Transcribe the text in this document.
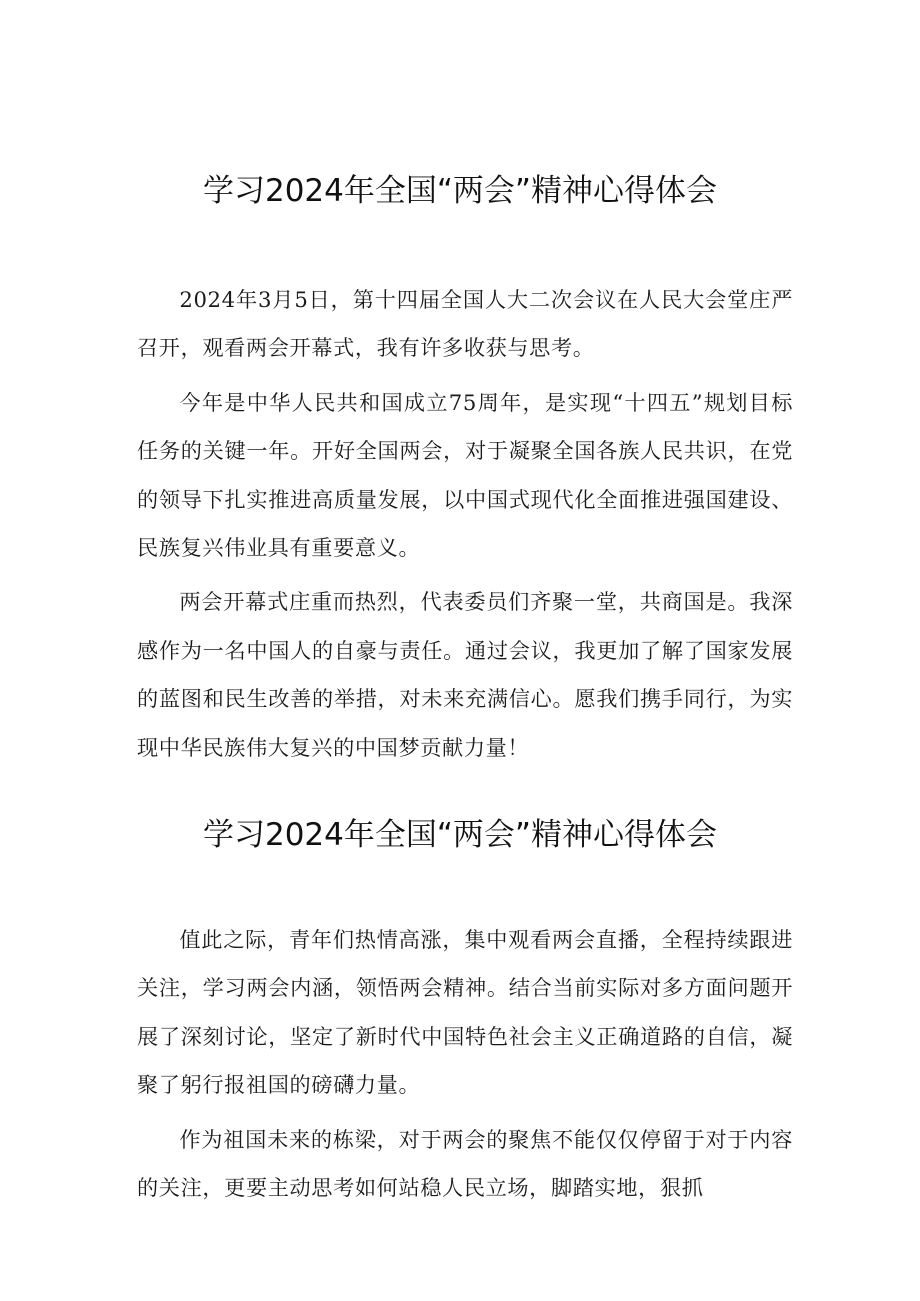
学习2024年全国“两会”精神心得体会

2024年3月5日，第十四届全国人大二次会议在人民大会堂庄严召开，观看两会开幕式，我有许多收获与思考。

今年是中华人民共和国成立75周年，是实现“十四五”规划目标任务的关键一年。开好全国两会，对于凝聚全国各族人民共识，在党的领导下扎实推进高质量发展，以中国式现代化全面推进强国建设、民族复兴伟业具有重要意义。

两会开幕式庄重而热烈，代表委员们齐聚一堂，共商国是。我深感作为一名中国人的自豪与责任。通过会议，我更加了解了国家发展的蓝图和民生改善的举措，对未来充满信心。愿我们携手同行，为实现中华民族伟大复兴的中国梦贡献力量！

学习2024年全国“两会”精神心得体会

值此之际，青年们热情高涨，集中观看两会直播，全程持续跟进关注，学习两会内涵，领悟两会精神。结合当前实际对多方面问题开展了深刻讨论，坚定了新时代中国特色社会主义正确道路的自信，凝聚了躬行报祖国的磅礴力量。

作为祖国未来的栋梁，对于两会的聚焦不能仅仅停留于对于内容的关注，更要主动思考如何站稳人民立场，脚踏实地，狠抓
